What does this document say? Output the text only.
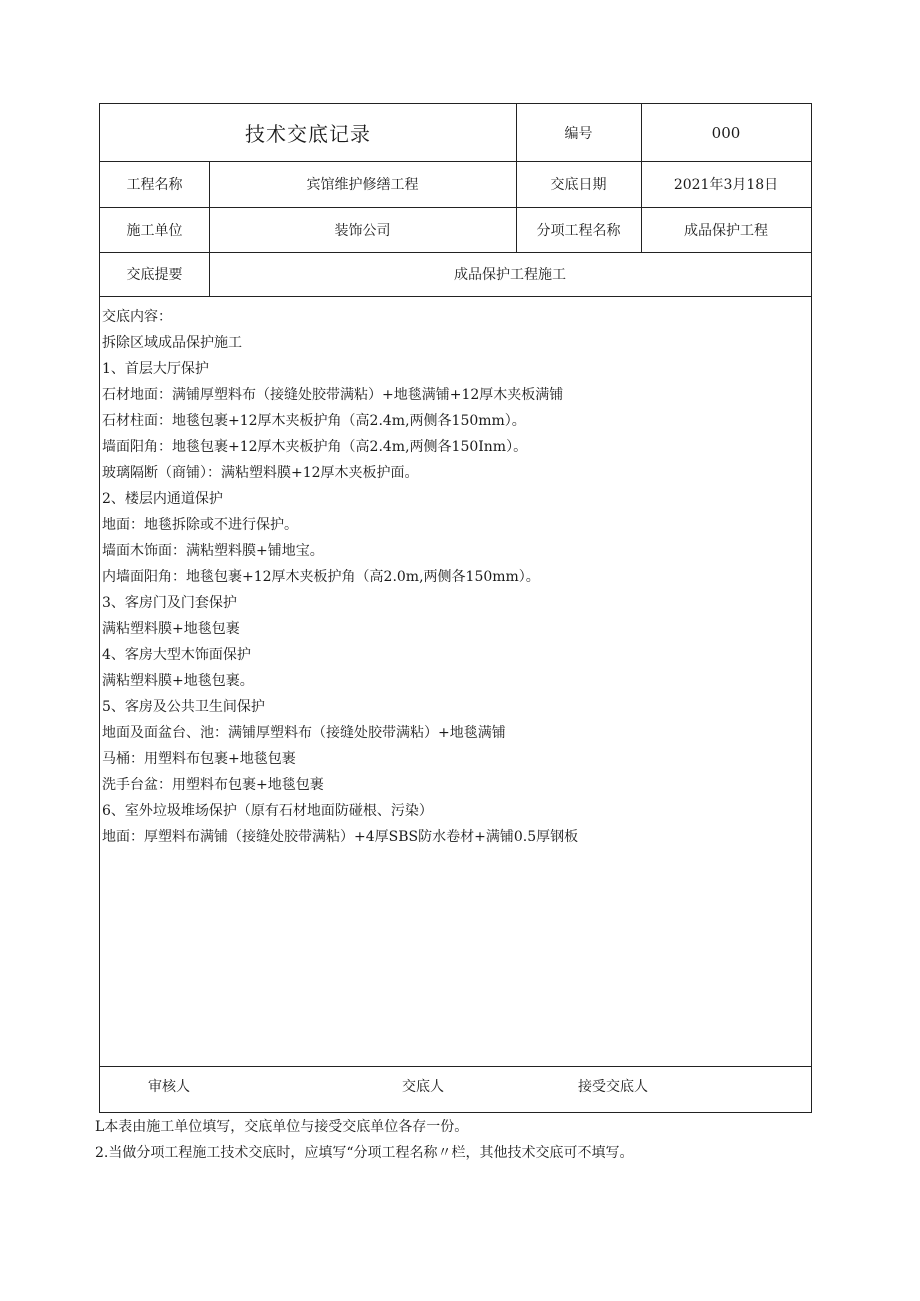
技术交底记录	编号	000
工程名称	宾馆维护修缮工程	交底日期	2021年3月18日
施工单位	装饰公司	分项工程名称	成品保护工程
交底提要	成品保护工程施工
交底内容：
拆除区域成品保护施工
1、首层大厅保护
石材地面：满铺厚塑料布（接缝处胶带满粘）+地毯满铺+12厚木夹板满铺
石材柱面：地毯包裹+12厚木夹板护角（高2.4m,两侧各150mm）。
墙面阳角：地毯包裹+12厚木夹板护角（高2.4m,两侧各150Inm）。
玻璃隔断（商铺）：满粘塑料膜+12厚木夹板护面。
2、楼层内通道保护
地面：地毯拆除或不进行保护。
墙面木饰面：满粘塑料膜+铺地宝。
内墙面阳角：地毯包裹+12厚木夹板护角（高2.0m,两侧各150mm）。
3、客房门及门套保护
满粘塑料膜+地毯包裹
4、客房大型木饰面保护
满粘塑料膜+地毯包裹。
5、客房及公共卫生间保护
地面及面盆台、池：满铺厚塑料布（接缝处胶带满粘）+地毯满铺
马桶：用塑料布包裹+地毯包裹
洗手台盆：用塑料布包裹+地毯包裹
6、室外垃圾堆场保护（原有石材地面防碰根、污染）
地面：厚塑料布满铺（接缝处胶带满粘）+4厚SBS防水卷材+满铺0.5厚钢板
审核人	交底人	接受交底人
L本表由施工单位填写，交底单位与接受交底单位各存一份。
2.当做分项工程施工技术交底时，应填写“分项工程名称〃栏，其他技术交底可不填写。
